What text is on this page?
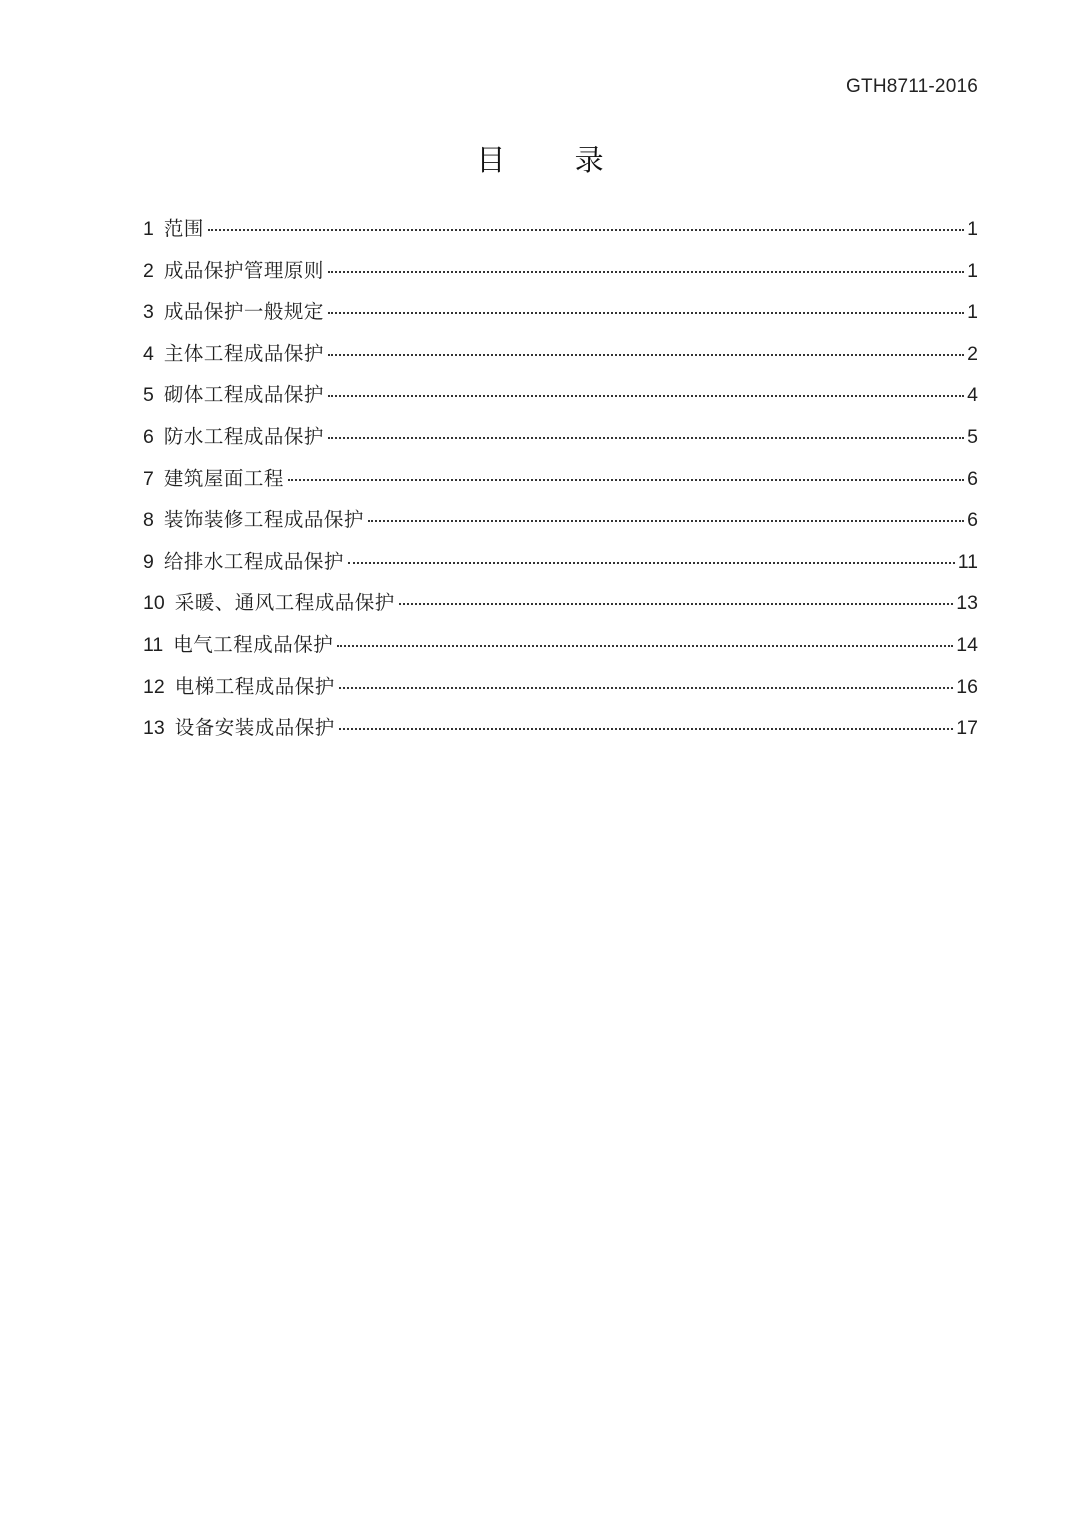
GTH8711-2016
目 录
1 范围	1
2 成品保护管理原则	1
3 成品保护一般规定	1
4 主体工程成品保护	2
5 砌体工程成品保护	4
6 防水工程成品保护	5
7 建筑屋面工程	6
8 装饰装修工程成品保护	6
9 给排水工程成品保护	11
10 采暖、通风工程成品保护	13
11 电气工程成品保护	14
12 电梯工程成品保护	16
13 设备安装成品保护	17
